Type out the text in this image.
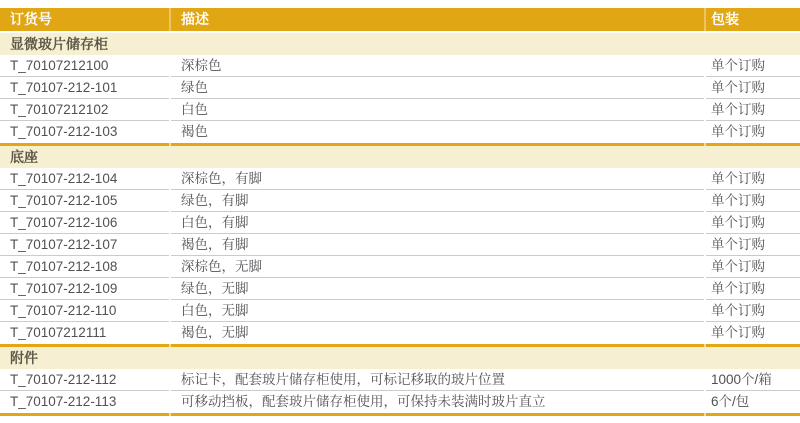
订货号	描述	包装
显微玻片储存柜
T_70107212100	深棕色	单个订购
T_70107-212-101	绿色	单个订购
T_70107212102	白色	单个订购
T_70107-212-103	褐色	单个订购
底座
T_70107-212-104	深棕色，有脚	单个订购
T_70107-212-105	绿色，有脚	单个订购
T_70107-212-106	白色，有脚	单个订购
T_70107-212-107	褐色，有脚	单个订购
T_70107-212-108	深棕色，无脚	单个订购
T_70107-212-109	绿色，无脚	单个订购
T_70107-212-110	白色，无脚	单个订购
T_70107212111	褐色，无脚	单个订购
附件
T_70107-212-112	标记卡，配套玻片储存柜使用，可标记移取的玻片位置	1000个/箱
T_70107-212-113	可移动挡板，配套玻片储存柜使用，可保持未装满时玻片直立	6个/包
